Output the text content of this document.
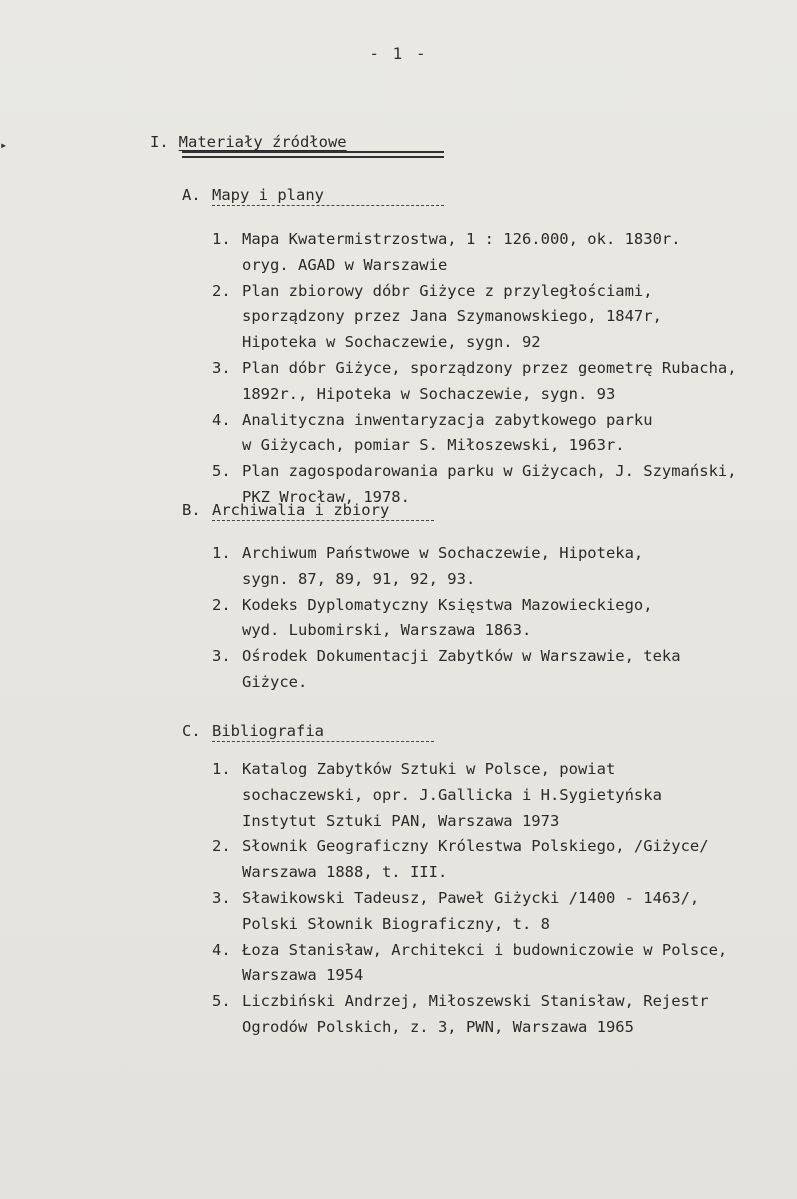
- 1 -
▸	I. Materiały źródłowe
A. Mapy i plany
1. Mapa Kwatermistrzostwa, 1 : 126.000, ok. 1830r.
oryg. AGAD w Warszawie
2. Plan zbiorowy dóbr Giżyce z przyległościami,
sporządzony przez Jana Szymanowskiego, 1847r,
Hipoteka w Sochaczewie, sygn. 92
3. Plan dóbr Giżyce, sporządzony przez geometrę Rubacha,
1892r., Hipoteka w Sochaczewie, sygn. 93
4. Analityczna inwentaryzacja zabytkowego parku
w Giżycach, pomiar S. Miłoszewski, 1963r.
5. Plan zagospodarowania parku w Giżycach, J. Szymański,
PKZ Wrocław, 1978.
B. Archiwalia i zbiory
1. Archiwum Państwowe w Sochaczewie, Hipoteka,
sygn. 87, 89, 91, 92, 93.
2. Kodeks Dyplomatyczny Księstwa Mazowieckiego,
wyd. Lubomirski, Warszawa 1863.
3. Ośrodek Dokumentacji Zabytków w Warszawie, teka
Giżyce.
C. Bibliografia
1. Katalog Zabytków Sztuki w Polsce, powiat
sochaczewski, opr. J.Gallicka i H.Sygietyńska
Instytut Sztuki PAN, Warszawa 1973
2. Słownik Geograficzny Królestwa Polskiego, /Giżyce/
Warszawa 1888, t. III.
3. Sławikowski Tadeusz, Paweł Giżycki /1400 - 1463/,
Polski Słownik Biograficzny, t. 8
4. Łoza Stanisław, Architekci i budowniczowie w Polsce,
Warszawa 1954
5. Liczbiński Andrzej, Miłoszewski Stanisław, Rejestr
Ogrodów Polskich, z. 3, PWN, Warszawa 1965
